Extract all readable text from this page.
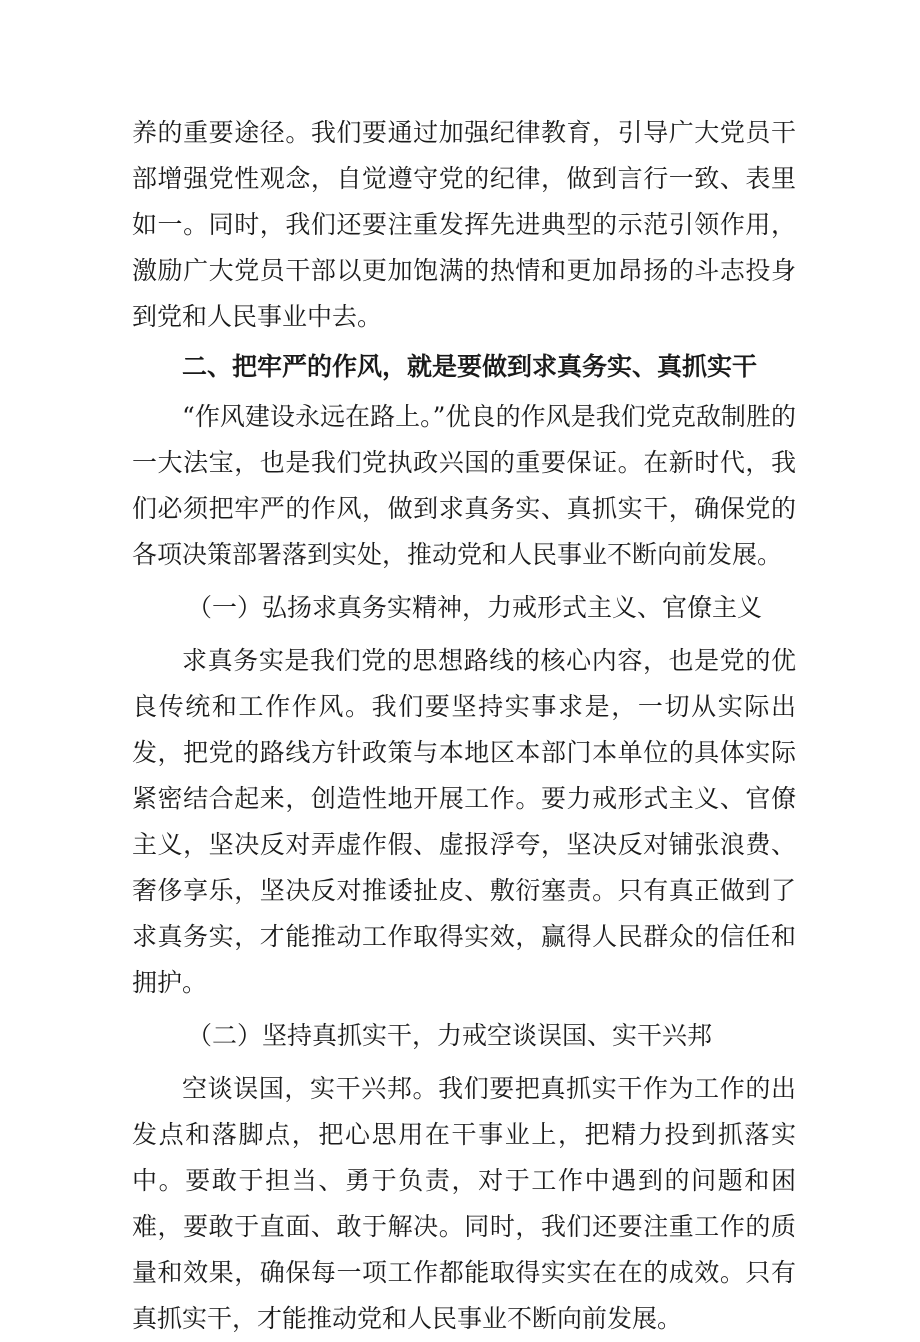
养的重要途径。我们要通过加强纪律教育，引导广大党员干部增强党性观念，自觉遵守党的纪律，做到言行一致、表里如一。同时，我们还要注重发挥先进典型的示范引领作用，激励广大党员干部以更加饱满的热情和更加昂扬的斗志投身到党和人民事业中去。

二、把牢严的作风，就是要做到求真务实、真抓实干

“作风建设永远在路上。”优良的作风是我们党克敌制胜的一大法宝，也是我们党执政兴国的重要保证。在新时代，我们必须把牢严的作风，做到求真务实、真抓实干，确保党的各项决策部署落到实处，推动党和人民事业不断向前发展。

（一）弘扬求真务实精神，力戒形式主义、官僚主义

求真务实是我们党的思想路线的核心内容，也是党的优良传统和工作作风。我们要坚持实事求是，一切从实际出发，把党的路线方针政策与本地区本部门本单位的具体实际紧密结合起来，创造性地开展工作。要力戒形式主义、官僚主义，坚决反对弄虚作假、虚报浮夸，坚决反对铺张浪费、奢侈享乐，坚决反对推诿扯皮、敷衍塞责。只有真正做到了求真务实，才能推动工作取得实效，赢得人民群众的信任和拥护。

（二）坚持真抓实干，力戒空谈误国、实干兴邦

空谈误国，实干兴邦。我们要把真抓实干作为工作的出发点和落脚点，把心思用在干事业上，把精力投到抓落实中。要敢于担当、勇于负责，对于工作中遇到的问题和困难，要敢于直面、敢于解决。同时，我们还要注重工作的质量和效果，确保每一项工作都能取得实实在在的成效。只有真抓实干，才能推动党和人民事业不断向前发展。
